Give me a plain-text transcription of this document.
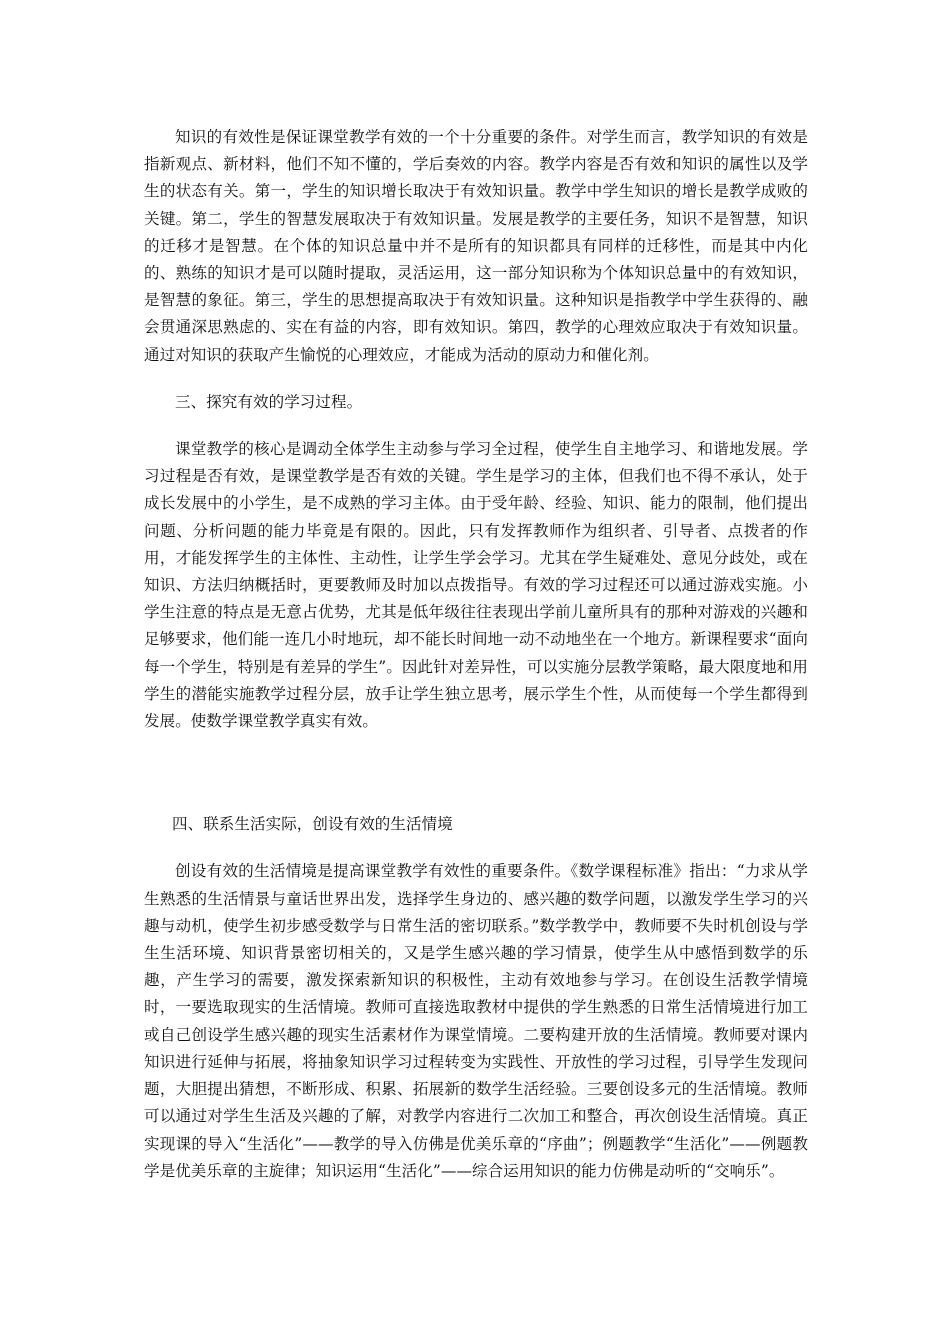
知识的有效性是保证课堂教学有效的一个十分重要的条件。对学生而言，教学知识的有效是指新观点、新材料，他们不知不懂的，学后奏效的内容。教学内容是否有效和知识的属性以及学生的状态有关。第一，学生的知识增长取决于有效知识量。教学中学生知识的增长是教学成败的关键。第二，学生的智慧发展取决于有效知识量。发展是教学的主要任务，知识不是智慧，知识的迁移才是智慧。在个体的知识总量中并不是所有的知识都具有同样的迁移性，而是其中内化的、熟练的知识才是可以随时提取，灵活运用，这一部分知识称为个体知识总量中的有效知识，是智慧的象征。第三，学生的思想提高取决于有效知识量。这种知识是指教学中学生获得的、融会贯通深思熟虑的、实在有益的内容，即有效知识。第四，教学的心理效应取决于有效知识量。通过对知识的获取产生愉悦的心理效应，才能成为活动的原动力和催化剂。

三、探究有效的学习过程。

课堂教学的核心是调动全体学生主动参与学习全过程，使学生自主地学习、和谐地发展。学习过程是否有效，是课堂教学是否有效的关键。学生是学习的主体，但我们也不得不承认，处于成长发展中的小学生，是不成熟的学习主体。由于受年龄、经验、知识、能力的限制，他们提出问题、分析问题的能力毕竟是有限的。因此，只有发挥教师作为组织者、引导者、点拨者的作用，才能发挥学生的主体性、主动性，让学生学会学习。尤其在学生疑难处、意见分歧处，或在知识、方法归纳概括时，更要教师及时加以点拨指导。有效的学习过程还可以通过游戏实施。小学生注意的特点是无意占优势，尤其是低年级往往表现出学前儿童所具有的那种对游戏的兴趣和足够要求，他们能一连几小时地玩，却不能长时间地一动不动地坐在一个地方。新课程要求“面向每一个学生，特别是有差异的学生”。因此针对差异性，可以实施分层教学策略，最大限度地和用学生的潜能实施教学过程分层，放手让学生独立思考，展示学生个性，从而使每一个学生都得到发展。使数学课堂教学真实有效。

四、联系生活实际，创设有效的生活情境

创设有效的生活情境是提高课堂教学有效性的重要条件。《数学课程标准》指出：“力求从学生熟悉的生活情景与童话世界出发，选择学生身边的、感兴趣的数学问题，以激发学生学习的兴趣与动机，使学生初步感受数学与日常生活的密切联系。”数学教学中，教师要不失时机创设与学生生活环境、知识背景密切相关的，又是学生感兴趣的学习情景，使学生从中感悟到数学的乐趣，产生学习的需要，激发探索新知识的积极性，主动有效地参与学习。在创设生活教学情境时，一要选取现实的生活情境。教师可直接选取教材中提供的学生熟悉的日常生活情境进行加工或自己创设学生感兴趣的现实生活素材作为课堂情境。二要构建开放的生活情境。教师要对课内知识进行延伸与拓展，将抽象知识学习过程转变为实践性、开放性的学习过程，引导学生发现问题，大胆提出猜想，不断形成、积累、拓展新的数学生活经验。三要创设多元的生活情境。教师可以通过对学生生活及兴趣的了解，对教学内容进行二次加工和整合，再次创设生活情境。真正实现课的导入“生活化”——教学的导入仿佛是优美乐章的“序曲”；例题教学“生活化”——例题教学是优美乐章的主旋律；知识运用“生活化”——综合运用知识的能力仿佛是动听的“交响乐”。
